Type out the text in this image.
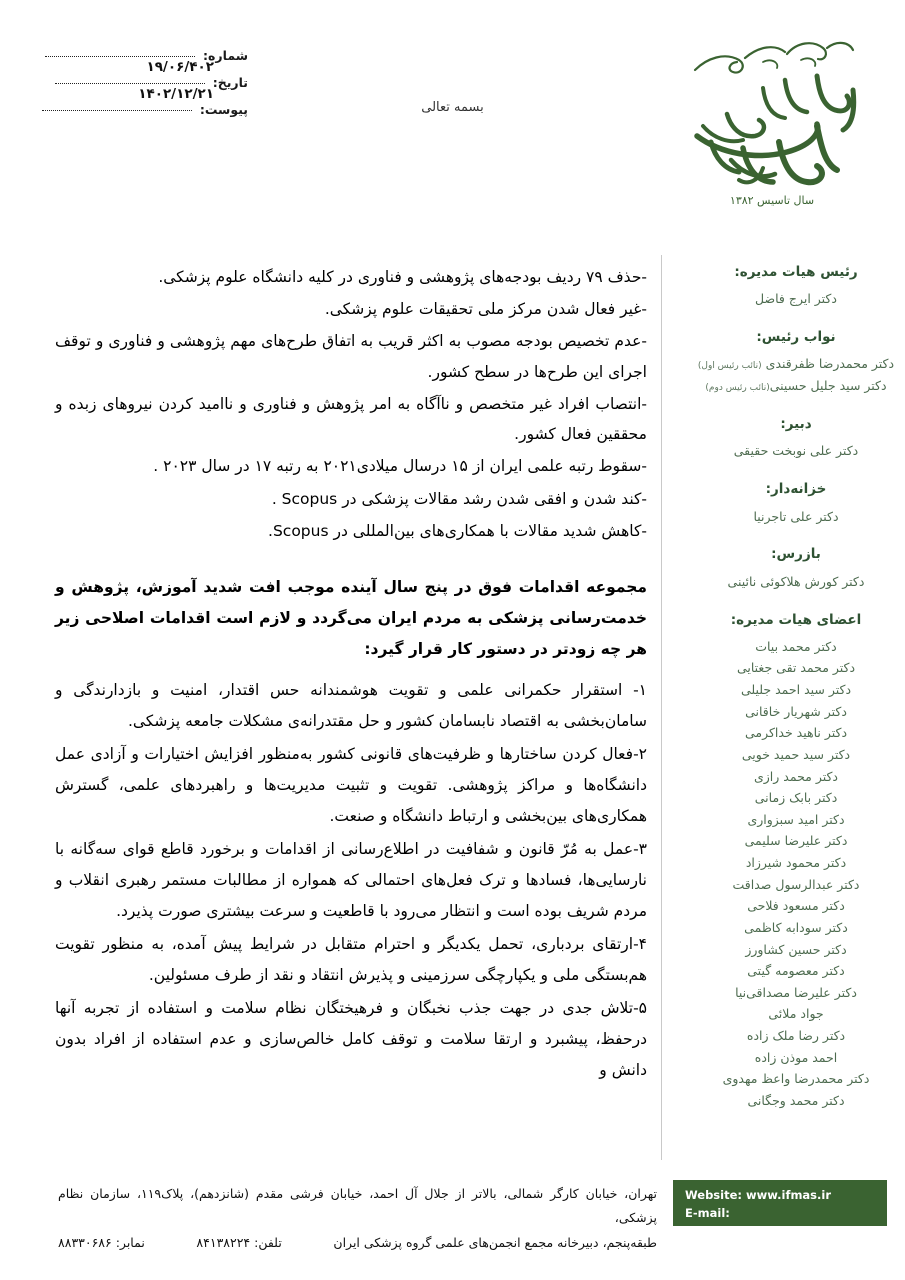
شماره:
۱۹/۰۶/۴۰۲
تاریخ:
۱۴۰۲/۱۲/۲۱
پیوست:	بسمه تعالی
سال تاسیس ۱۳۸۲
رئیس هیات مدیره:
دکتر ایرج فاضل
نواب رئیس:
دکتر محمدرضا ظفرقندی (نائب رئیس اول)
دکتر سید جلیل حسینی(نائب رئیس دوم)
دبیر:
دکتر علی نوبخت حقیقی
خزانه‌دار:
دکتر علی تاجرنیا
بازرس:
دکتر کورش هلاکوئی نائینی
اعضای هیات مدیره:
دکتر محمد بیات
دکتر محمد تقی جغتایی
دکتر سید احمد جلیلی
دکتر شهریار خاقانی
دکتر ناهید خداکرمی
دکتر سید حمید خویی
دکتر محمد رازی
دکتر بابک زمانی
دکتر امید سبزواری
دکتر علیرضا سلیمی
دکتر محمود شیرزاد
دکتر عبدالرسول صداقت
دکتر مسعود فلاحی
دکتر سودابه کاظمی
دکتر حسین کشاورز
دکتر معصومه گیتی
دکتر علیرضا مصداقی‌نیا
جواد ملائی
دکتر رضا ملک زاده
احمد موذن زاده
دکتر محمدرضا واعظ مهدوی
دکتر محمد وجگانی

-حذف ۷۹ ردیف بودجه‌های پژوهشی و فناوری در کلیه دانشگاه علوم پزشکی.

-غیر فعال شدن مرکز ملی تحقیقات علوم پزشکی.

-عدم تخصیص بودجه مصوب به اکثر قریب به اتفاق طرح‌های مهم پژوهشی و فناوری و توقف اجرای این طرح‌ها در سطح کشور.

-انتصاب افراد غیر متخصص و ناآگاه به امر پژوهش و فناوری و ناامید کردن نیروهای زبده و محققین فعال کشور.

-سقوط رتبه علمی ایران از ۱۵ درسال میلادی۲۰۲۱ به رتبه ۱۷ در سال ۲۰۲۳ .

-کند شدن و افقی شدن رشد مقالات پزشکی در Scopus .

-کاهش شدید مقالات با همکاری‌های بین‌المللی در Scopus.

مجموعه اقدامات فوق در پنج سال آینده موجب افت شدید آموزش، پژوهش و خدمت‌رسانی پزشکی به مردم ایران می‌گردد و لازم است اقدامات اصلاحی زیر هر چه زودتر در دستور کار قرار گیرد:

۱- استقرار حکمرانی علمی و تقویت هوشمندانه حس اقتدار، امنیت و بازدارندگی و سامان‌بخشی به اقتصاد نابسامان کشور و حل مقتدرانه‌ی مشکلات جامعه پزشکی.

۲-فعال کردن ساختارها و ظرفیت‌های قانونی کشور به‌منظور افزایش اختیارات و آزادی عمل دانشگاه‌ها و مراکز پژوهشی. تقویت و تثبیت مدیریت‌ها و راهبردهای علمی، گسترش همکاری‌های بین‌بخشی و ارتباط دانشگاه و صنعت.

۳-عمل به مُرّ قانون و شفافیت در اطلاع‌رسانی از اقدامات و برخورد قاطع قوای سه‌گانه با نارسایی‌ها، فسادها و ترک فعل‌های احتمالی که همواره از مطالبات مستمر رهبری انقلاب و مردم شریف بوده است و انتظار می‌رود با قاطعیت و سرعت بیشتری صورت پذیرد.

۴-ارتقای بردباری، تحمل یکدیگر و احترام متقابل در شرایط پیش آمده، به منظور تقویت هم‌بستگی ملی و یکپارچگی سرزمینی و پذیرش انتقاد و نقد از طرف مسئولین.

۵-تلاش جدی در جهت جذب نخبگان و فرهیختگان نظام سلامت و استفاده از تجربه آنها درحفظ، پیشبرد و ارتقا سلامت و توقف کامل خالص‌سازی و عدم استفاده از افراد بدون دانش و

تهران، خیابان کارگر شمالی، بالاتر از جلال آل احمد، خیابان فرشی مقدم (شانزدهم)، پلاک۱۱۹، سازمان نظام پزشکی،
طبقه‌پنجم، دبیرخانه مجمع انجمن‌های علمی گروه پزشکی ایران
تلفن: ۸۴۱۳۸۲۲۴
نمابر: ۸۸۳۳۰۶۸۶
Website: www.ifmas.ir
E-mail: majma.anjomanha@gmail.com
